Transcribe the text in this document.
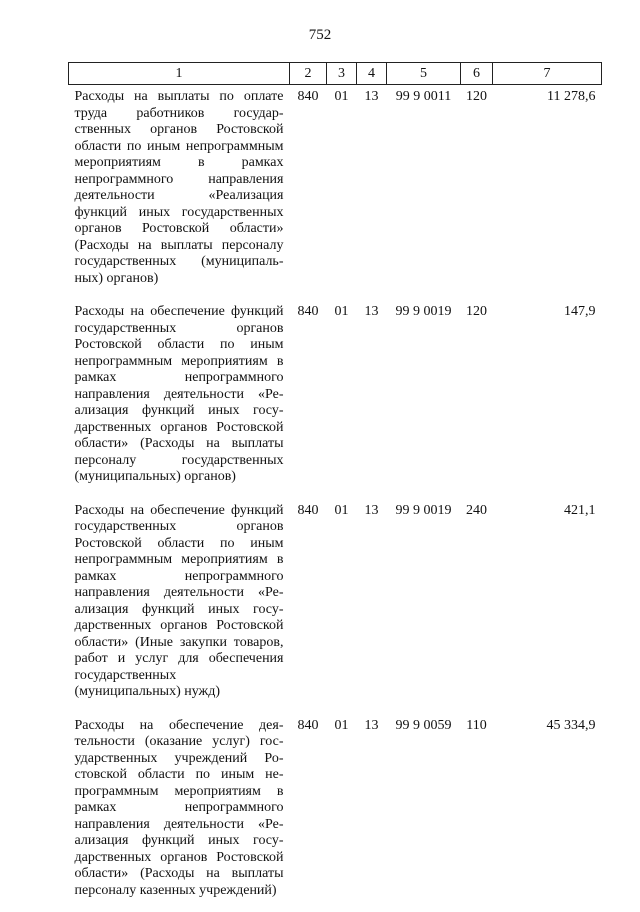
752
1	2	3	4	5	6	7
Расходы на выплаты по оплате труда работников государственных органов Ростовской области по иным непрограммным мероприятиям в рамках непрограммного направления деятельности «Реализация функций иных государственных органов Ростовской области» (Расходы на выплаты персоналу государственных (муниципальных) органов)	840	01	13	99 9 0011	120	11 278,6
Расходы на обеспечение функций государственных органов Ростовской области по иным непрограммным мероприятиям в рамках непрограммного направления деятельности «Реализация функций иных государственных органов Ростовской области» (Расходы на выплаты персоналу государственных (муниципальных) органов)	840	01	13	99 9 0019	120	147,9
Расходы на обеспечение функций государственных органов Ростовской области по иным непрограммным мероприятиям в рамках непрограммного направления деятельности «Реализация функций иных государственных органов Ростовской области» (Иные закупки товаров, работ и услуг для обеспечения государственных (муниципальных) нужд)	840	01	13	99 9 0019	240	421,1
Расходы на обеспечение деятельности (оказание услуг) государственных учреждений Ростовской области по иным непрограммным мероприятиям в рамках непрограммного направления деятельности «Реализация функций иных государственных органов Ростовской области» (Расходы на выплаты персоналу казенных учреждений)	840	01	13	99 9 0059	110	45 334,9
